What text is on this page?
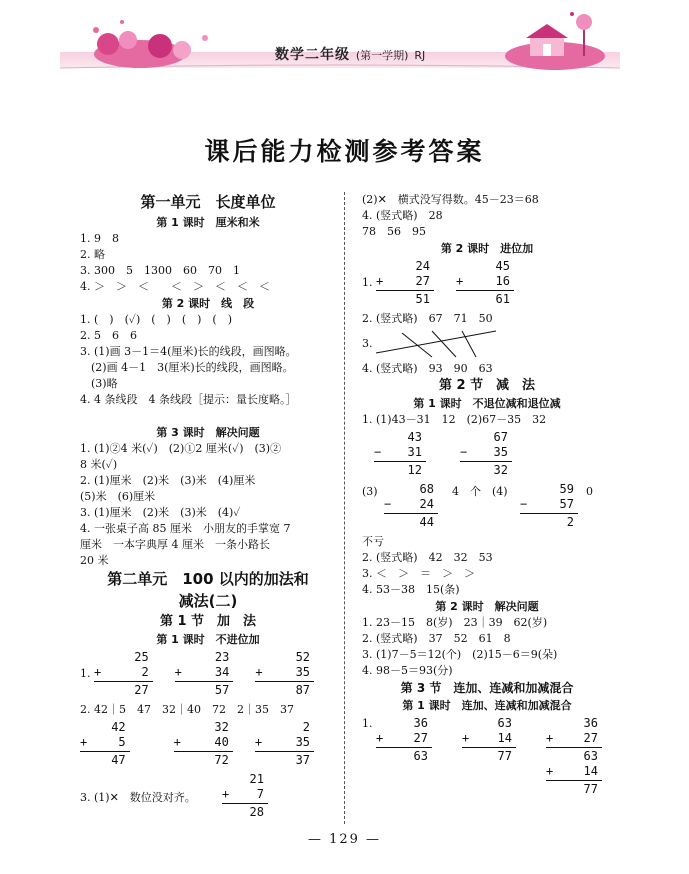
数学二年级 (第一学期) RJ
课后能力检测参考答案
第一单元　长度单位
第 1 课时　厘米和米
1. 9　8
2. 略
3. 300　5　1300　60　70　1
4. ＞　＞　＜　　＜　＞　＜　＜　＜
第 2 课时　线　段
1. (　)　(✓)　(　)　(　)　(　)
2. 5　6　6
3. (1)画 3－1＝4(厘米)长的线段，画图略。
　(2)画 4－1　3(厘米)长的线段，画图略。
　(3)略
4. 4 条线段　4 条线段［提示：量长度略。］
第 3 课时　解决问题
1. (1)②4 米(✓)　(2)①2 厘米(✓)　(3)②
8 米(✓)
2. (1)厘米　(2)米　(3)米　(4)厘米
(5)米　(6)厘米
3. (1)厘米　(2)米　(3)米　(4)✓
4. 一张桌子高 85 厘米　小朋友的手掌宽 7
厘米　一本字典厚 4 厘米　一条小路长
20 米
第二单元　100 以内的加法和
减法(二)
第 1 节　加　法
第 1 课时　不进位加
1.
25
+	2
27
23
+	34
57
52
+	35
87
2. 42｜5　47　32｜40　72　2｜35　37
42
+	5
47
32
+	40
72
2
+	35
37
3. (1)✕　数位没对齐。
21
+ 7
28
(2)✕　横式没写得数。45－23＝68
4. (竖式略)　28
78　56　95
第 2 课时　进位加
1.
24
+	27
51
45
+	16
61
2. (竖式略)　67　71　50
3.
4. (竖式略)　93　90　63
第 2 节　减　法
第 1 课时　不退位减和退位减
1. (1)43－31　12　(2)67－35　32
43
− 31
12
67
− 35
32
(3)	68
− 24
44
4　个　(4)	59
−	57
2
0
不亏
2. (竖式略)　42　32　53
3. ＜　＞　＝　＞　＞
4. 53－38　15(条)
第 2 课时　解决问题
1. 23－15　8(岁)　23｜39　62(岁)
2. (竖式略)　37　52　61　8
3. (1)7－5＝12(个)　(2)15－6＝9(朵)
4. 98－5＝93(分)
第 3 节　连加、连减和加减混合
第 1 课时　连加、连减和加减混合
1.	36
+	27
63
63
+ 14
77
36
+	27
63
+	14
77
— 129 —
